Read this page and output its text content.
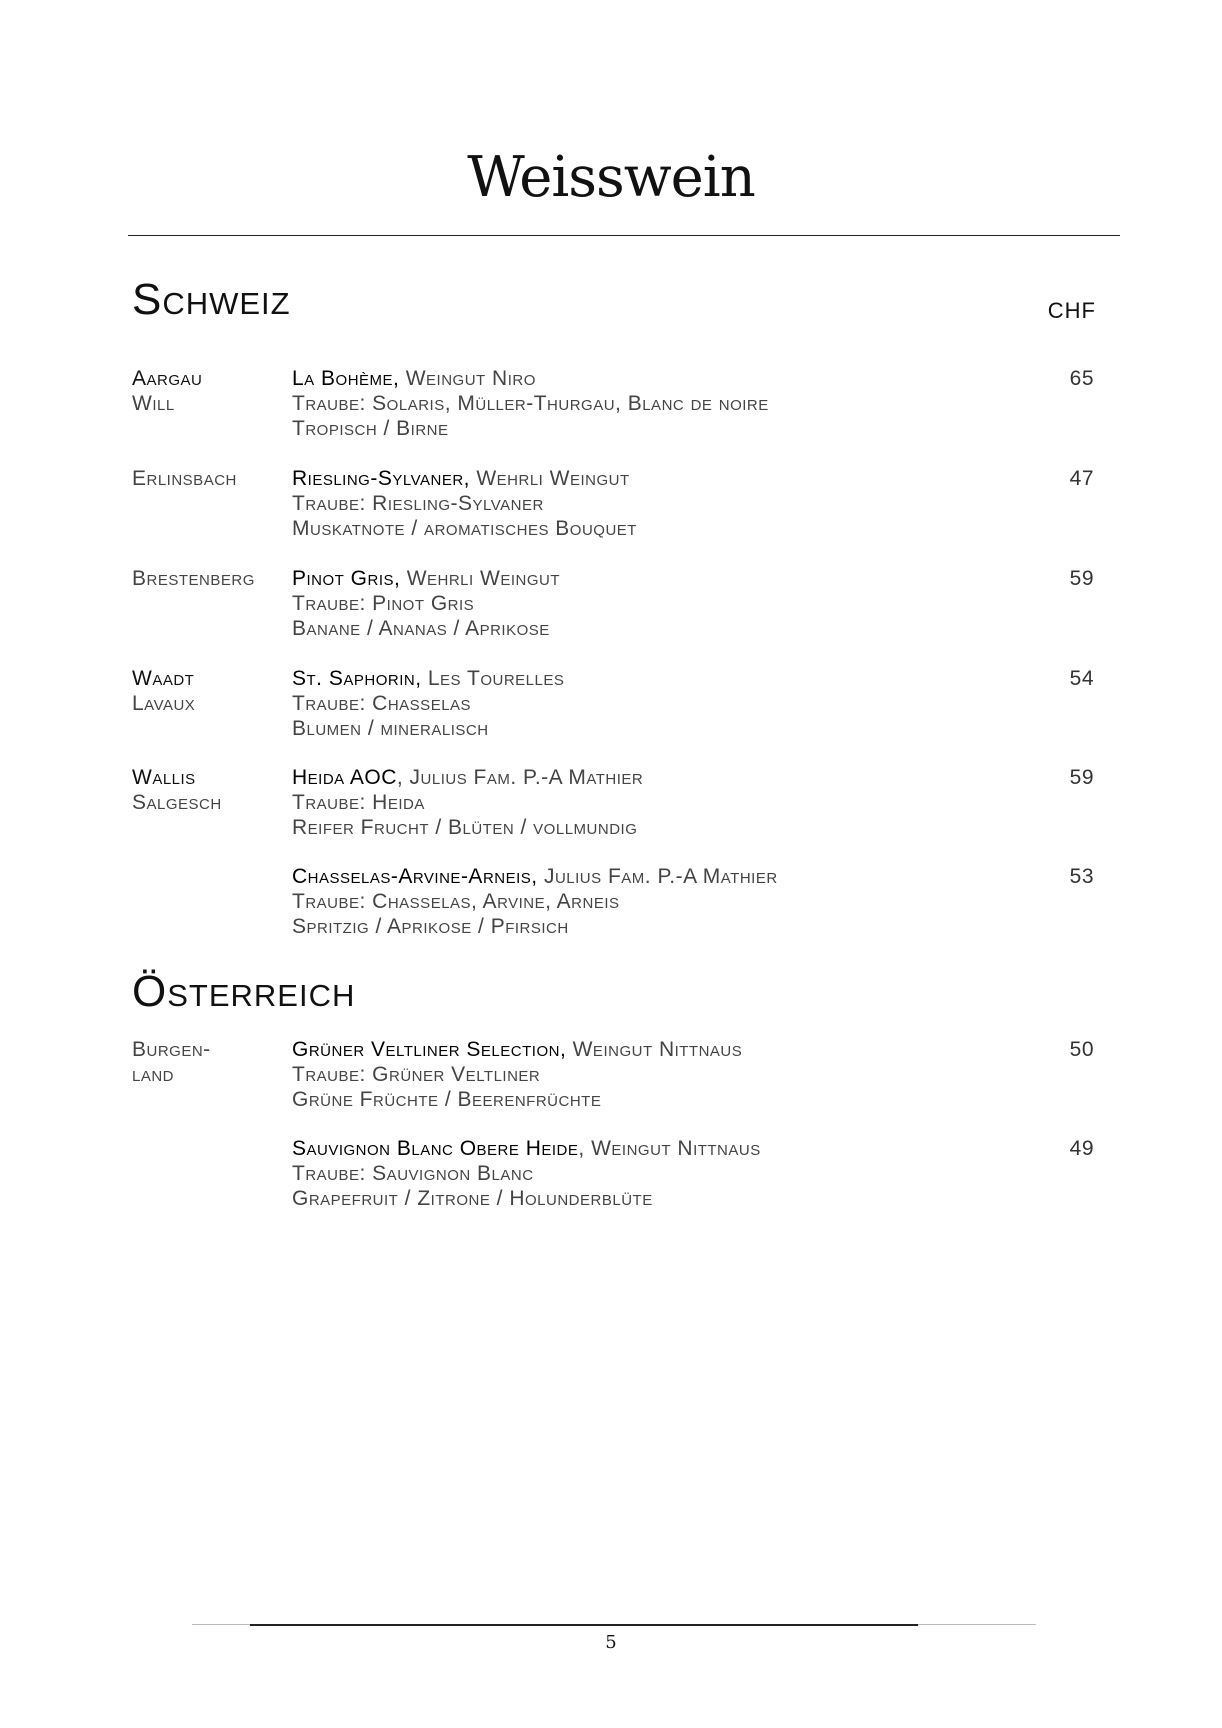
Weisswein
Schweiz	CHF
Aargau
Will
La Bohème, Weingut Niro
Traube: Solaris, Müller-Thurgau, Blanc de noire
Tropisch / Birne
65
Erlinsbach	Riesling-Sylvaner, Wehrli Weingut
Traube: Riesling-Sylvaner
Muskatnote / aromatisches Bouquet
47
Brestenberg Pinot Gris, Wehrli Weingut
Traube: Pinot Gris
Banane / Ananas / Aprikose
59
Waadt
Lavaux
St. Saphorin, Les Tourelles
Traube: Chasselas
Blumen / mineralisch
54
Wallis
Salgesch
Heida AOC, Julius Fam. P.-A Mathier
Traube: Heida
Reifer Frucht / Blüten / vollmundig
59
Chasselas-Arvine-Arneis, Julius Fam. P.-A Mathier
Traube: Chasselas, Arvine, Arneis
Spritzig / Aprikose / Pfirsich
53
Österreich
Burgen-
land
Grüner Veltliner Selection, Weingut Nittnaus
Traube: Grüner Veltliner
Grüne Früchte / Beerenfrüchte
50
Sauvignon Blanc Obere Heide, Weingut Nittnaus
Traube: Sauvignon Blanc
Grapefruit / Zitrone / Holunderblüte
49
5
